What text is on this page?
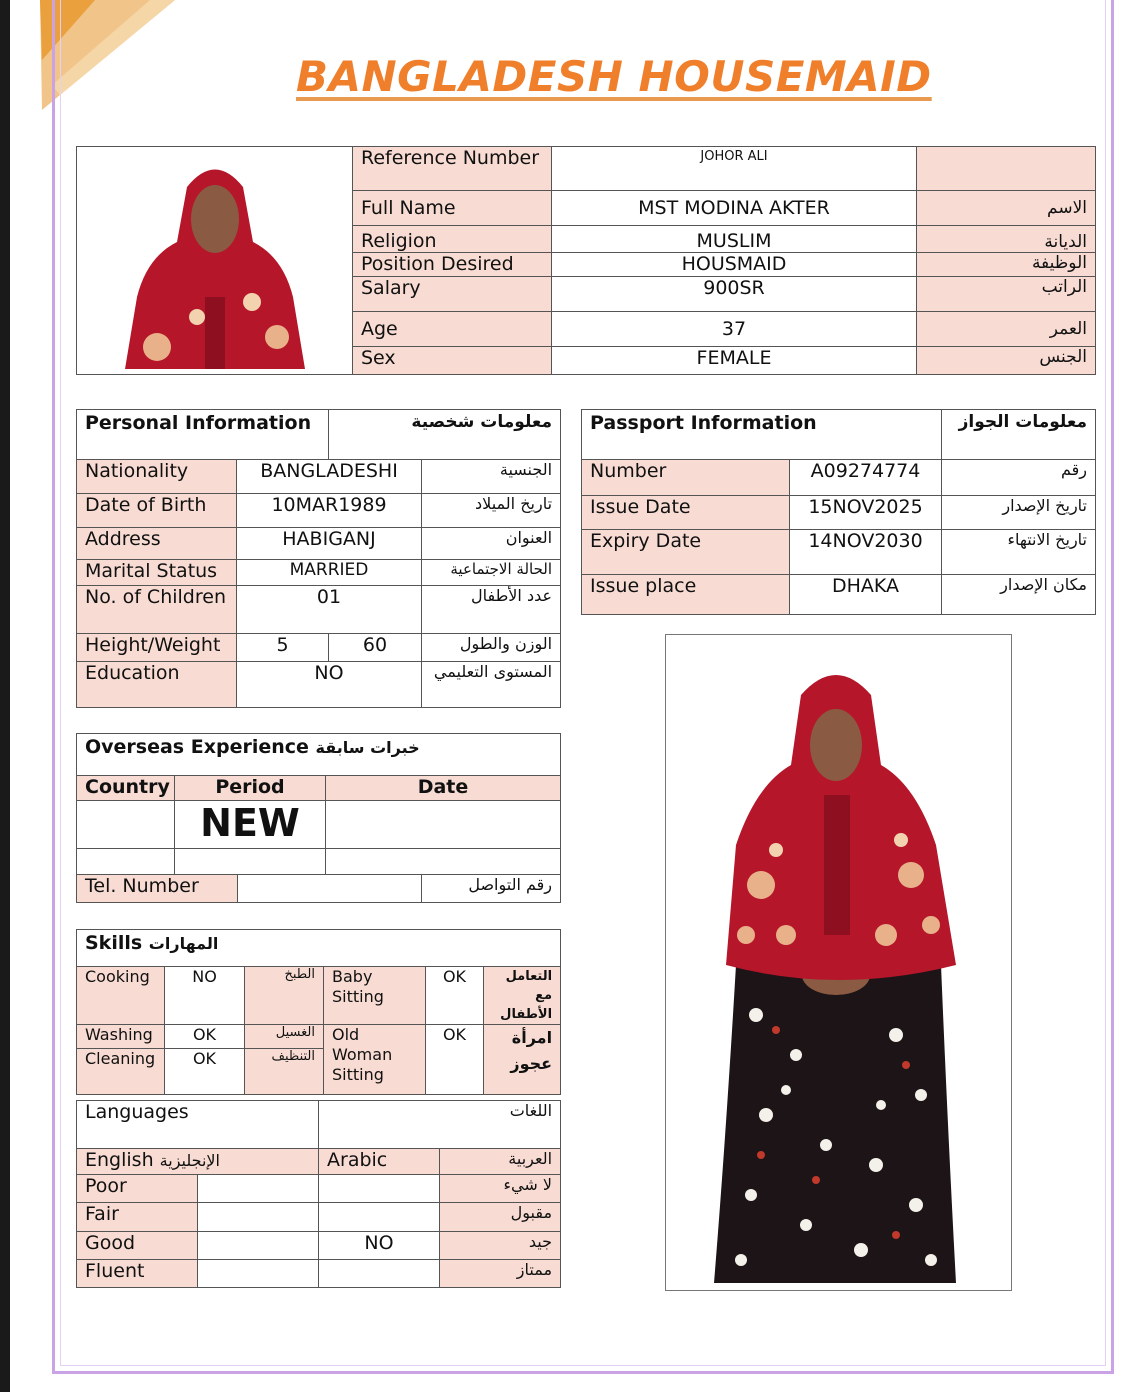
BANGLADESH HOUSEMAID
	Reference Number	JOHOR ALI	
	Full Name	MST MODINA AKTER	الاسم
	Religion	MUSLIM	الديانة
	Position Desired	HOUSMAID	الوظيفة
	Salary	900SR	الراتب
	Age	37	العمر
	Sex	FEMALE	الجنس
Personal Information		معلومات شخصية	
Nationality	BANGLADESHI		الجنسية
Date of Birth	10MAR1989		تاريخ الميلاد
Address	HABIGANJ		العنوان
Marital Status	MARRIED		الحالة الاجتماعية
No. of Children	01		عدد الأطفال
Height/Weight	5	60	الوزن والطول
Education	NO		المستوى التعليمي
Passport Information		معلومات الجواز
Number	A09274774	رقم
Issue Date	15NOV2025	تاريخ الإصدار
Expiry Date	14NOV2030	تاريخ الانتهاء
Issue place	DHAKA	مكان الإصدار
Overseas Experience خبرات سابقة				
Country	Period		Date	
	NEW			

Tel. Number				رقم التواصل
Skills المهارات					
Cooking	NO	الطبخ	Baby Sitting	OK	التعامل مع الأطفال
Washing	OK	الغسيل	Old Woman Sitting	OK	امرأة عجوز
Cleaning	OK	التنظيف			
Languages		اللغات	
English الإنجليزية		Arabic	العربية
Poor			لا شيء
Fair			مقبول
Good		NO	جيد
Fluent			ممتاز
